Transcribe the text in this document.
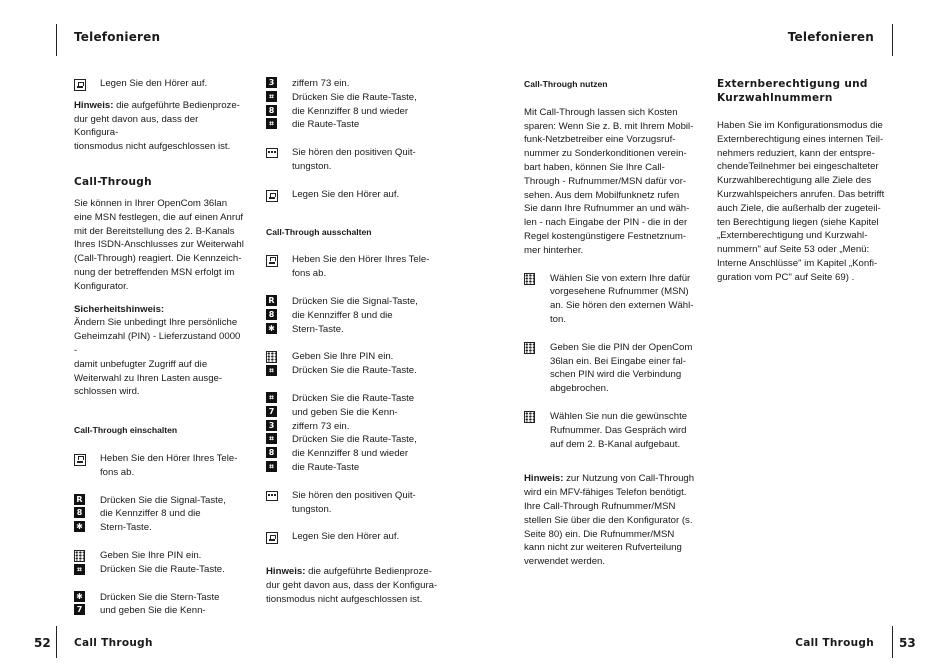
Telefonieren	Telefonieren
52 Call Through	Call Through 53

Legen Sie den Hörer auf.

Hinweis: die aufgeführte Bedienproze-

dur geht davon aus, dass der Konfigura-

tionsmodus nicht aufgeschlossen ist.

Call-Through

Sie können in Ihrer OpenCom 36lan

eine MSN festlegen, die auf einen Anruf

mit der Bereitstellung des 2. B-Kanals

Ihres ISDN-Anschlusses zur Weiterwahl

(Call-Through) reagiert. Die Kennzeich-

nung der betreffenden MSN erfolgt im

Konfigurator.

Sicherheitshinweis:

Ändern Sie unbedingt Ihre persönliche

Geheimzahl (PIN) - Lieferzustand 0000 -

damit unbefugter Zugriff auf die

Weiterwahl zu Ihren Lasten ausge-

schlossen wird.

Call-Through einschalten

Heben Sie den Hörer Ihres Tele-

fons ab.

R
8
✱

Drücken Sie die Signal-Taste,

die Kennziffer 8 und die

Stern-Taste.

⌗

Geben Sie Ihre PIN ein.

Drücken Sie die Raute-Taste.

✱
7

Drücken Sie die Stern-Taste

und geben Sie die Kenn-

3
⌗
8
⌗

ziffern 73 ein.

Drücken Sie die Raute-Taste,

die Kennziffer 8 und wieder

die Raute-Taste

Sie hören den positiven Quit-

tungston.

Legen Sie den Hörer auf.

Call-Through ausschalten

Heben Sie den Hörer Ihres Tele-

fons ab.

R
8
✱

Drücken Sie die Signal-Taste,

die Kennziffer 8 und die

Stern-Taste.

⌗

Geben Sie Ihre PIN ein.

Drücken Sie die Raute-Taste.

⌗
7
3
⌗
8
⌗

Drücken Sie die Raute-Taste

und geben Sie die Kenn-

ziffern 73 ein.

Drücken Sie die Raute-Taste,

die Kennziffer 8 und wieder

die Raute-Taste

Sie hören den positiven Quit-

tungston.

Legen Sie den Hörer auf.

Hinweis: die aufgeführte Bedienproze-

dur geht davon aus, dass der Konfigura-

tionsmodus nicht aufgeschlossen ist.

Call-Through nutzen

Mit Call-Through lassen sich Kosten

sparen: Wenn Sie z. B. mit Ihrem Mobil-

funk-Netzbetreiber eine Vorzugsruf-

nummer zu Sonderkonditionen verein-

bart haben, können Sie Ihre Call-

Through - Rufnummer/MSN dafür vor-

sehen. Aus dem Mobilfunknetz rufen

Sie dann Ihre Rufnummer an und wäh-

len - nach Eingabe der PIN - die in der

Regel kostengünstigere Festnetznum-

mer hinterher.

Wählen Sie von extern Ihre dafür

vorgesehene Rufnummer (MSN)

an. Sie hören den externen Wähl-

ton.

Geben Sie die PIN der OpenCom

36lan ein. Bei Eingabe einer fal-

schen PIN wird die Verbindung

abgebrochen.

Wählen Sie nun die gewünschte

Rufnummer. Das Gespräch wird

auf dem 2. B-Kanal aufgebaut.

Hinweis: zur Nutzung von Call-Through

wird ein MFV-fähiges Telefon benötigt.

Ihre Call-Through Rufnummer/MSN

stellen Sie über die den Konfigurator (s.

Seite 80) ein. Die Rufnummer/MSN

kann nicht zur weiteren Rufverteilung

verwendet werden.

Externberechtigung und

Kurzwahlnummern

Haben Sie im Konfigurationsmodus die

Externberechtigung eines internen Teil-

nehmers reduziert, kann der entspre-

chendeTeilnehmer bei eingeschalteter

Kurzwahlberechtigung alle Ziele des

Kurzwahlspeichers anrufen. Das betrifft

auch Ziele, die außerhalb der zugeteil-

ten Berechtigung liegen (siehe Kapitel

„Externberechtigung und Kurzwahl-

nummern" auf Seite 53 oder „Menü:

Interne Anschlüsse" im Kapitel „Konfi-

guration vom PC" auf Seite 69) .
